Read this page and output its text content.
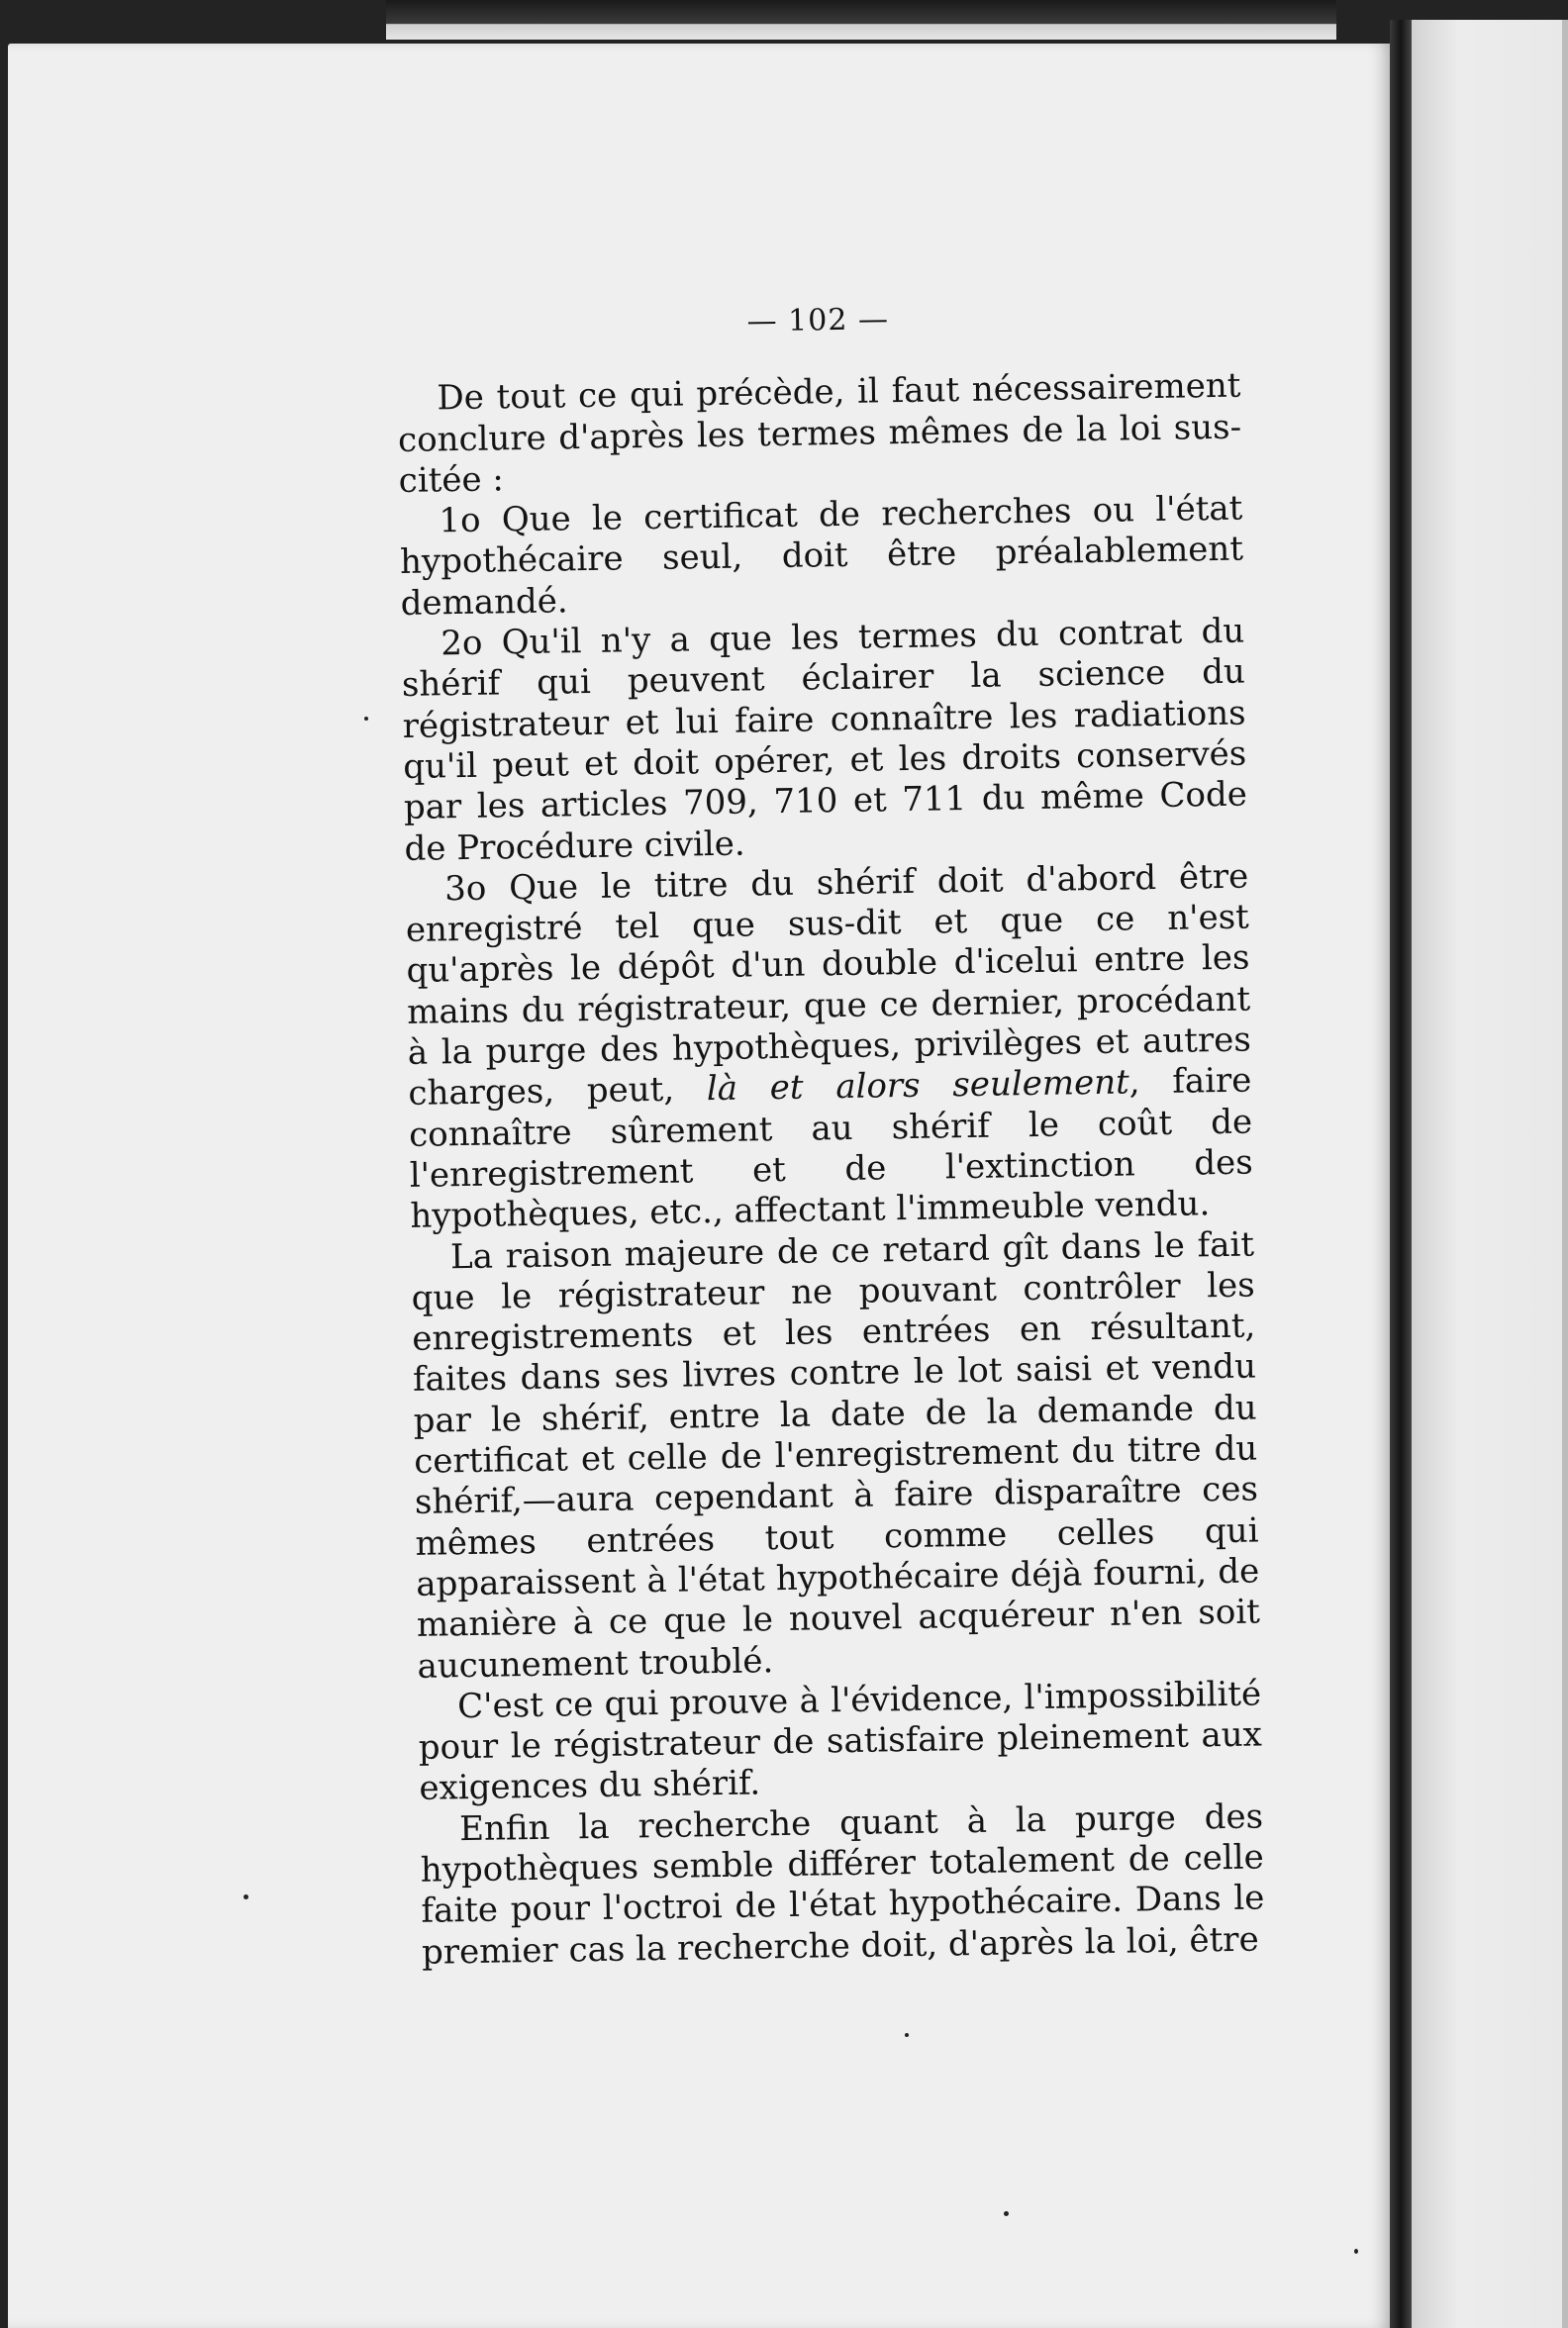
— 102 —

De tout ce qui précède, il faut nécessairement conclure d'après les termes mêmes de la loi sus-citée :

1o Que le certificat de recherches ou l'état hypothécaire seul, doit être préalablement demandé.

2o Qu'il n'y a que les termes du contrat du shérif qui peuvent éclairer la science du régistrateur et lui faire connaître les radiations qu'il peut et doit opérer, et les droits conservés par les articles 709, 710 et 711 du même Code de Procédure civile.

3o Que le titre du shérif doit d'abord être enregistré tel que sus-dit et que ce n'est qu'après le dépôt d'un double d'icelui entre les mains du régistrateur, que ce dernier, procédant à la purge des hypothèques, privilèges et autres charges, peut, là et alors seulement, faire connaître sûrement au shérif le coût de l'enregistrement et de l'extinction des hypothèques, etc., affectant l'immeuble vendu.

La raison majeure de ce retard gît dans le fait que le régistrateur ne pouvant contrôler les enregistrements et les entrées en résultant, faites dans ses livres contre le lot saisi et vendu par le shérif, entre la date de la demande du certificat et celle de l'enregistrement du titre du shérif,—aura cependant à faire disparaître ces mêmes entrées tout comme celles qui apparaissent à l'état hypothécaire déjà fourni, de manière à ce que le nouvel acquéreur n'en soit aucunement troublé.

C'est ce qui prouve à l'évidence, l'impossibilité pour le régistrateur de satisfaire pleinement aux exigences du shérif.

Enfin la recherche quant à la purge des hypothèques semble différer totalement de celle faite pour l'octroi de l'état hypothécaire. Dans le premier cas la recherche doit, d'après la loi, être
